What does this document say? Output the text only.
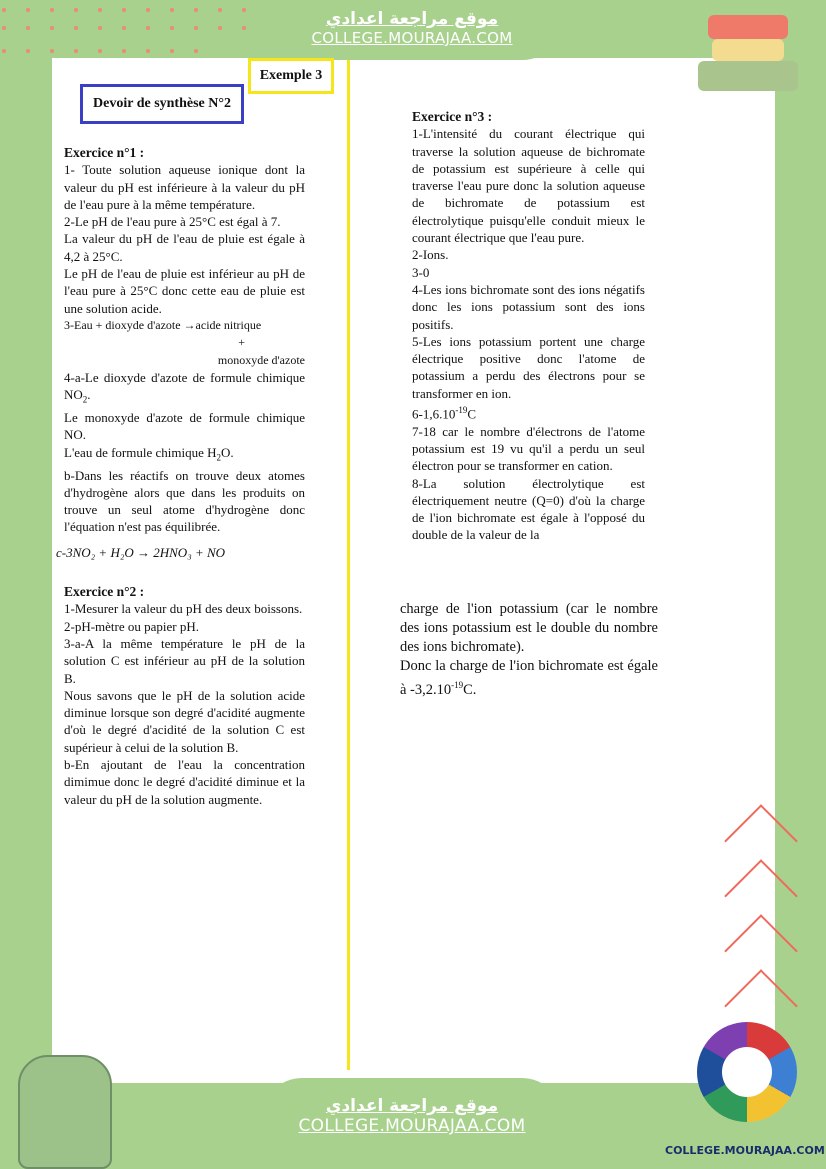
موقع مراجعة اعدادي
COLLEGE.MOURAJAA.COM
Exemple 3
Devoir de synthèse N°2
Exercice n°1 :

1- Toute solution aqueuse ionique dont la valeur du pH est inférieure à la valeur du pH de l'eau pure à la même température.

2-Le pH de l'eau pure à 25°C est égal à 7.

La valeur du pH de l'eau de pluie est égale à 4,2 à 25°C.

Le pH de l'eau de pluie est inférieur au pH de l'eau pure à 25°C donc cette eau de pluie est une solution acide.

3-Eau + dioxyde d'azote →acide nitrique

+

monoxyde d'azote

4-a-Le dioxyde d'azote de formule chimique $NO_2$.

Le monoxyde d'azote de formule chimique NO.

L'eau de formule chimique $H_2O$.

b-Dans les réactifs on trouve deux atomes d'hydrogène alors que dans les produits on trouve un seul atome d'hydrogène donc l'équation n'est pas équilibrée.

c-3NO₂ + H₂O → 2HNO₃ + NO

Exercice n°2 :

1-Mesurer la valeur du pH des deux boissons.

2-pH-mètre ou papier pH.

3-a-A la même température le pH de la solution C est inférieur au pH de la solution B.

Nous savons que le pH de la solution acide diminue lorsque son degré d'acidité augmente d'où le degré d'acidité de la solution C est supérieur à celui de la solution B.

b-En ajoutant de l'eau la concentration dimimue donc le degré d'acidité diminue et la valeur du pH de la solution augmente.

Exercice n°3 :

1-L'intensité du courant électrique qui traverse la solution aqueuse de bichromate de potassium est supérieure à celle qui traverse l'eau pure donc la solution aqueuse de bichromate de potassium est électrolytique puisqu'elle conduit mieux le courant électrique que l'eau pure.

2-Ions.

3-0

4-Les ions bichromate sont des ions négatifs donc les ions potassium sont des ions positifs.

5-Les ions potassium portent une charge électrique positive donc l'atome de potassium a perdu des électrons pour se transformer en ion.

$6-1,6.10^{-19}C$

7-18 car le nombre d'électrons de l'atome potassium est 19 vu qu'il a perdu un seul électron pour se transformer en cation.

8-La solution électrolytique est électriquement neutre (Q=0) d'où la charge de l'ion bichromate est égale à l'opposé du double de la valeur de la

charge de l'ion potassium (car le nombre des ions potassium est le double du nombre des ions bichromate).

Donc la charge de l'ion bichromate est égale à $-3,2.10^{-19}C$.

موقع مراجعة اعدادي
COLLEGE.MOURAJAA.COM
COLLEGE.MOURAJAA.COM
